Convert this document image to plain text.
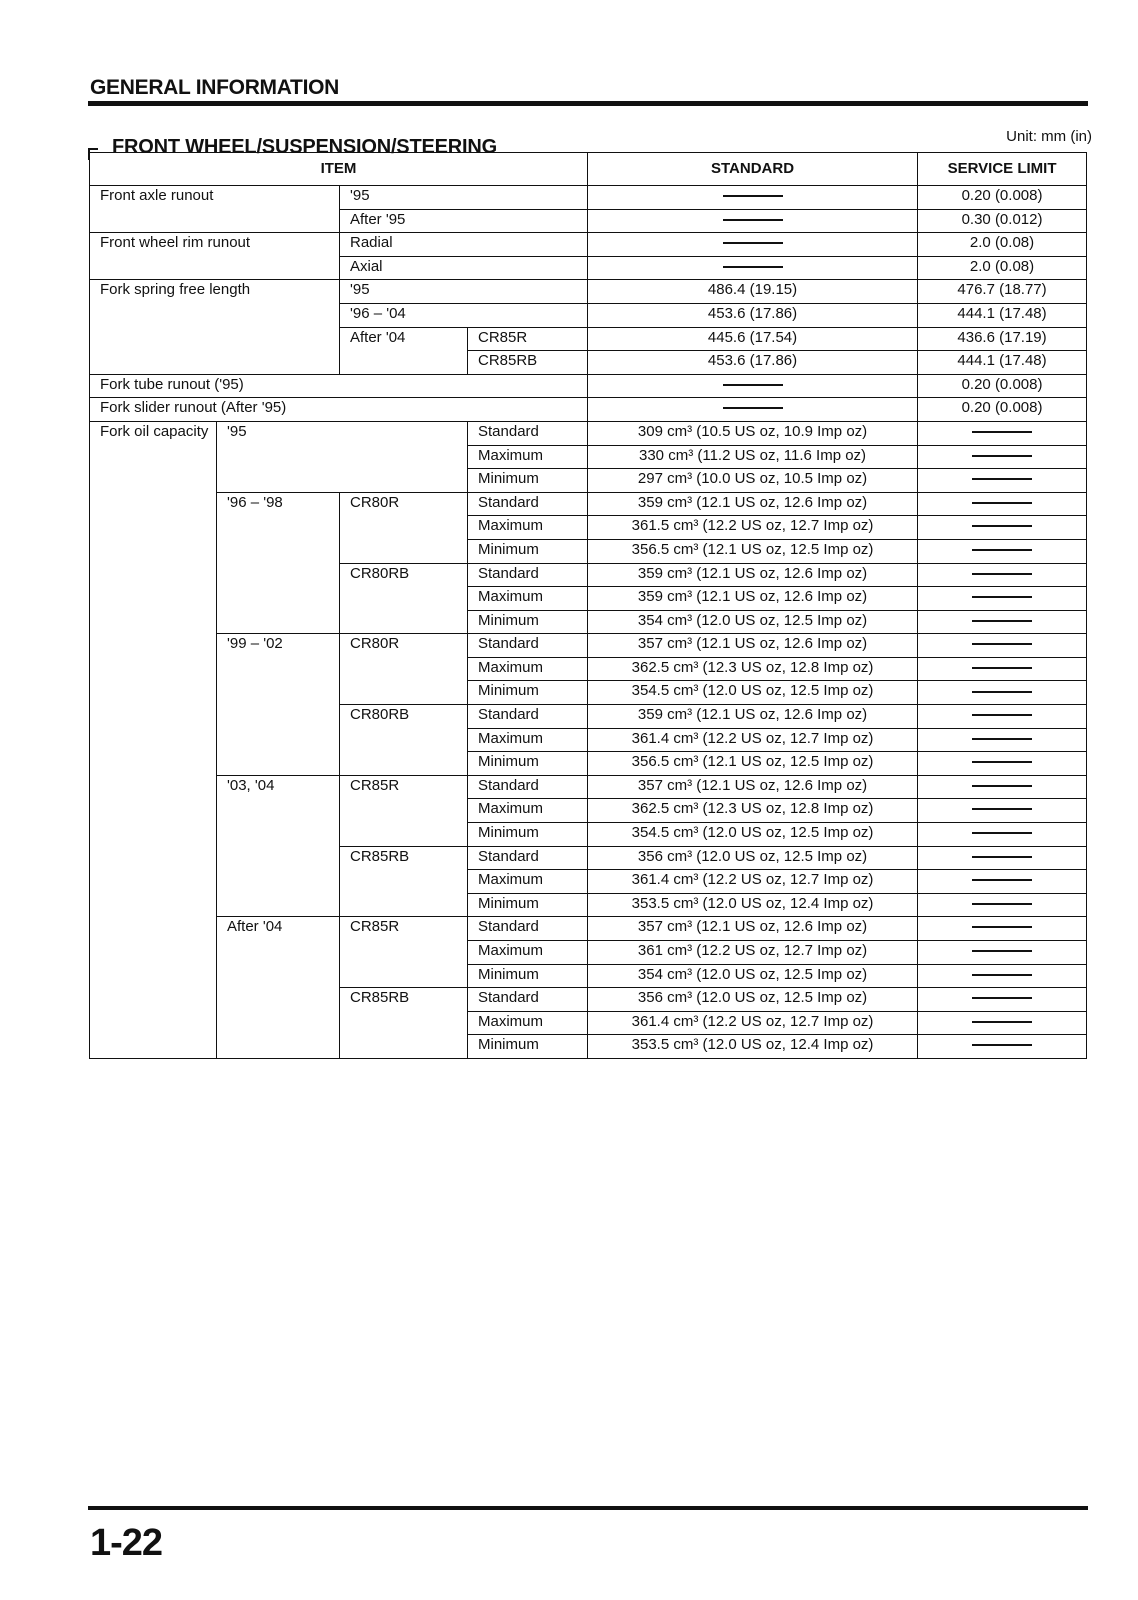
GENERAL INFORMATION
FRONT WHEEL/SUSPENSION/STEERING	Unit: mm (in)
ITEM				STANDARD	SERVICE LIMIT
Front axle runout		'95			0.20 (0.008)
		After '95			0.30 (0.012)
Front wheel rim runout		Radial			2.0 (0.08)
		Axial			2.0 (0.08)
Fork spring free length		'95		486.4 (19.15)	476.7 (18.77)
		'96 – '04		453.6 (17.86)	444.1 (17.48)
		After '04	CR85R	445.6 (17.54)	436.6 (17.19)
			CR85RB	453.6 (17.86)	444.1 (17.48)
Fork tube runout ('95)					0.20 (0.008)
Fork slider runout (After '95)					0.20 (0.008)
Fork oil capacity	'95		Standard	309 cm³ (10.5 US oz, 10.9 Imp oz)	
			Maximum	330 cm³ (11.2 US oz, 11.6 Imp oz)	
			Minimum	297 cm³ (10.0 US oz, 10.5 Imp oz)	
	'96 – '98	CR80R	Standard	359 cm³ (12.1 US oz, 12.6 Imp oz)	
			Maximum	361.5 cm³ (12.2 US oz, 12.7 Imp oz)	
			Minimum	356.5 cm³ (12.1 US oz, 12.5 Imp oz)	
		CR80RB	Standard	359 cm³ (12.1 US oz, 12.6 Imp oz)	
			Maximum	359 cm³ (12.1 US oz, 12.6 Imp oz)	
			Minimum	354 cm³ (12.0 US oz, 12.5 Imp oz)	
	'99 – '02	CR80R	Standard	357 cm³ (12.1 US oz, 12.6 Imp oz)	
			Maximum	362.5 cm³ (12.3 US oz, 12.8 Imp oz)	
			Minimum	354.5 cm³ (12.0 US oz, 12.5 Imp oz)	
		CR80RB	Standard	359 cm³ (12.1 US oz, 12.6 Imp oz)	
			Maximum	361.4 cm³ (12.2 US oz, 12.7 Imp oz)	
			Minimum	356.5 cm³ (12.1 US oz, 12.5 Imp oz)	
	'03, '04	CR85R	Standard	357 cm³ (12.1 US oz, 12.6 Imp oz)	
			Maximum	362.5 cm³ (12.3 US oz, 12.8 Imp oz)	
			Minimum	354.5 cm³ (12.0 US oz, 12.5 Imp oz)	
		CR85RB	Standard	356 cm³ (12.0 US oz, 12.5 Imp oz)	
			Maximum	361.4 cm³ (12.2 US oz, 12.7 Imp oz)	
			Minimum	353.5 cm³ (12.0 US oz, 12.4 Imp oz)	
	After '04	CR85R	Standard	357 cm³ (12.1 US oz, 12.6 Imp oz)	
			Maximum	361 cm³ (12.2 US oz, 12.7 Imp oz)	
			Minimum	354 cm³ (12.0 US oz, 12.5 Imp oz)	
		CR85RB	Standard	356 cm³ (12.0 US oz, 12.5 Imp oz)	
			Maximum	361.4 cm³ (12.2 US oz, 12.7 Imp oz)	
			Minimum	353.5 cm³ (12.0 US oz, 12.4 Imp oz)	
1-22
